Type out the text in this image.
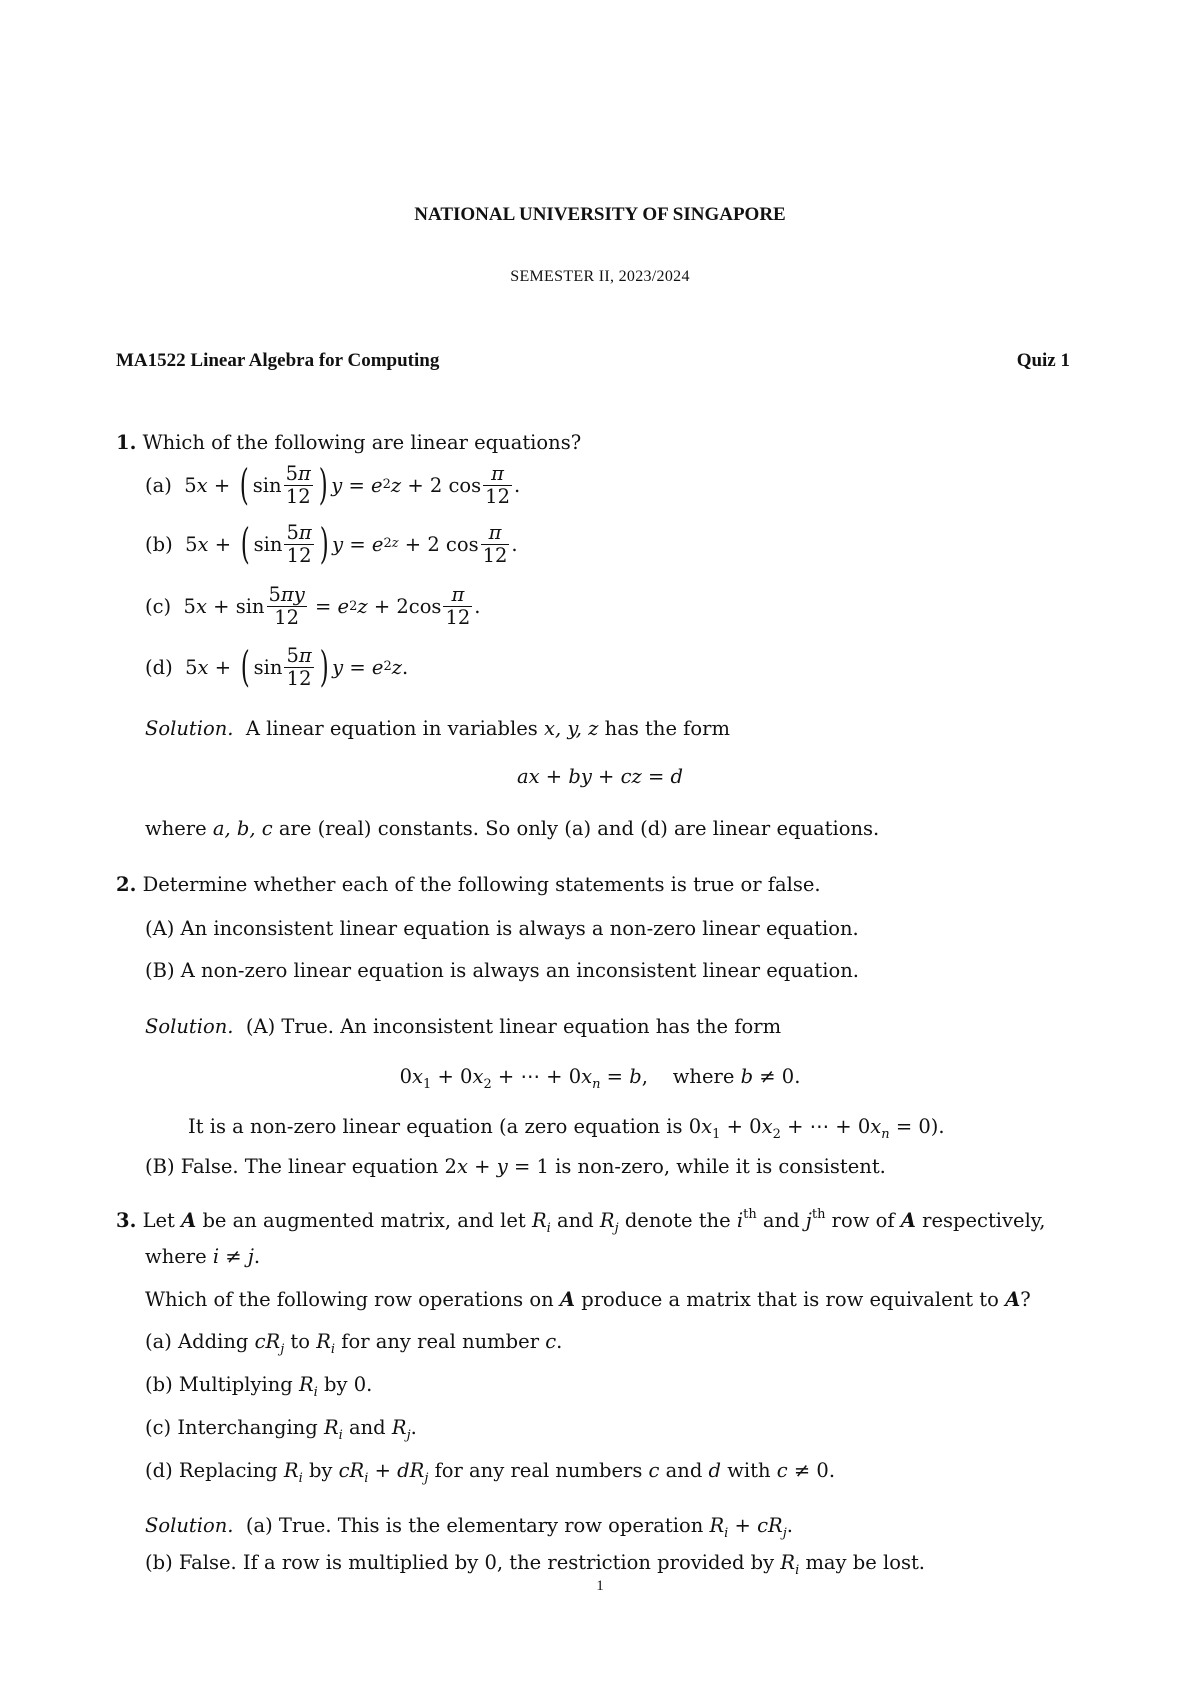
NATIONAL UNIVERSITY OF SINGAPORE
SEMESTER II, 2023/2024
MA1522 Linear Algebra for Computing	Quiz 1
1. Which of the following are linear equations?
(a) 5 x + ( $\sin \frac{5\pi}{12}$ ) y = e 2 z + 2 $\cos \frac{\pi}{12}$ .
(b) 5 x + ( $\sin \frac{5\pi}{12}$ ) y = e 2z + 2 $\cos \frac{\pi}{12}$ .
(c) 5 $x + \sin \frac{5\pi y}{12} = e$ 2 $z + 2\cos \frac{\pi}{12}$ .
(d) 5 x + ( $\sin \frac{5\pi}{12}$ ) y = e 2 z .
Solution. A linear equation in variables x, y, z has the form
ax + by + cz = d
where a, b, c are (real) constants. So only (a) and (d) are linear equations.
2. Determine whether each of the following statements is true or false.
(A) An inconsistent linear equation is always a non-zero linear equation.
(B) A non-zero linear equation is always an inconsistent linear equation.
Solution. (A) True. An inconsistent linear equation has the form
$0x_1 + 0x_2$ + ⋯ + $0x_n = b$,    where b ≠ 0.
It is a non-zero linear equation (a zero equation is $0x_1 + 0x_2$ + ⋯ + $0x_n = 0$).
(B) False. The linear equation 2x + y = 1 is non-zero, while it is consistent.
3. Let A be an augmented matrix, and let $R_i$ and $R_j$ denote the $i^{th}$ and $j^{th}$ row of A respectively,
where i ≠ j.
Which of the following row operations on A produce a matrix that is row equivalent to A?
(a) Adding $cR_j$ to $R_i$ for any real number c.
(b) Multiplying $R_i$ by 0.
(c) Interchanging $R_i$ and $R_j$.
(d) Replacing $R_i$ by $cR_i + dR_j$ for any real numbers c and d with c ≠ 0.
Solution. (a) True. This is the elementary row operation $R_i + cR_j$.
(b) False. If a row is multiplied by 0, the restriction provided by $R_i$ may be lost.
1
